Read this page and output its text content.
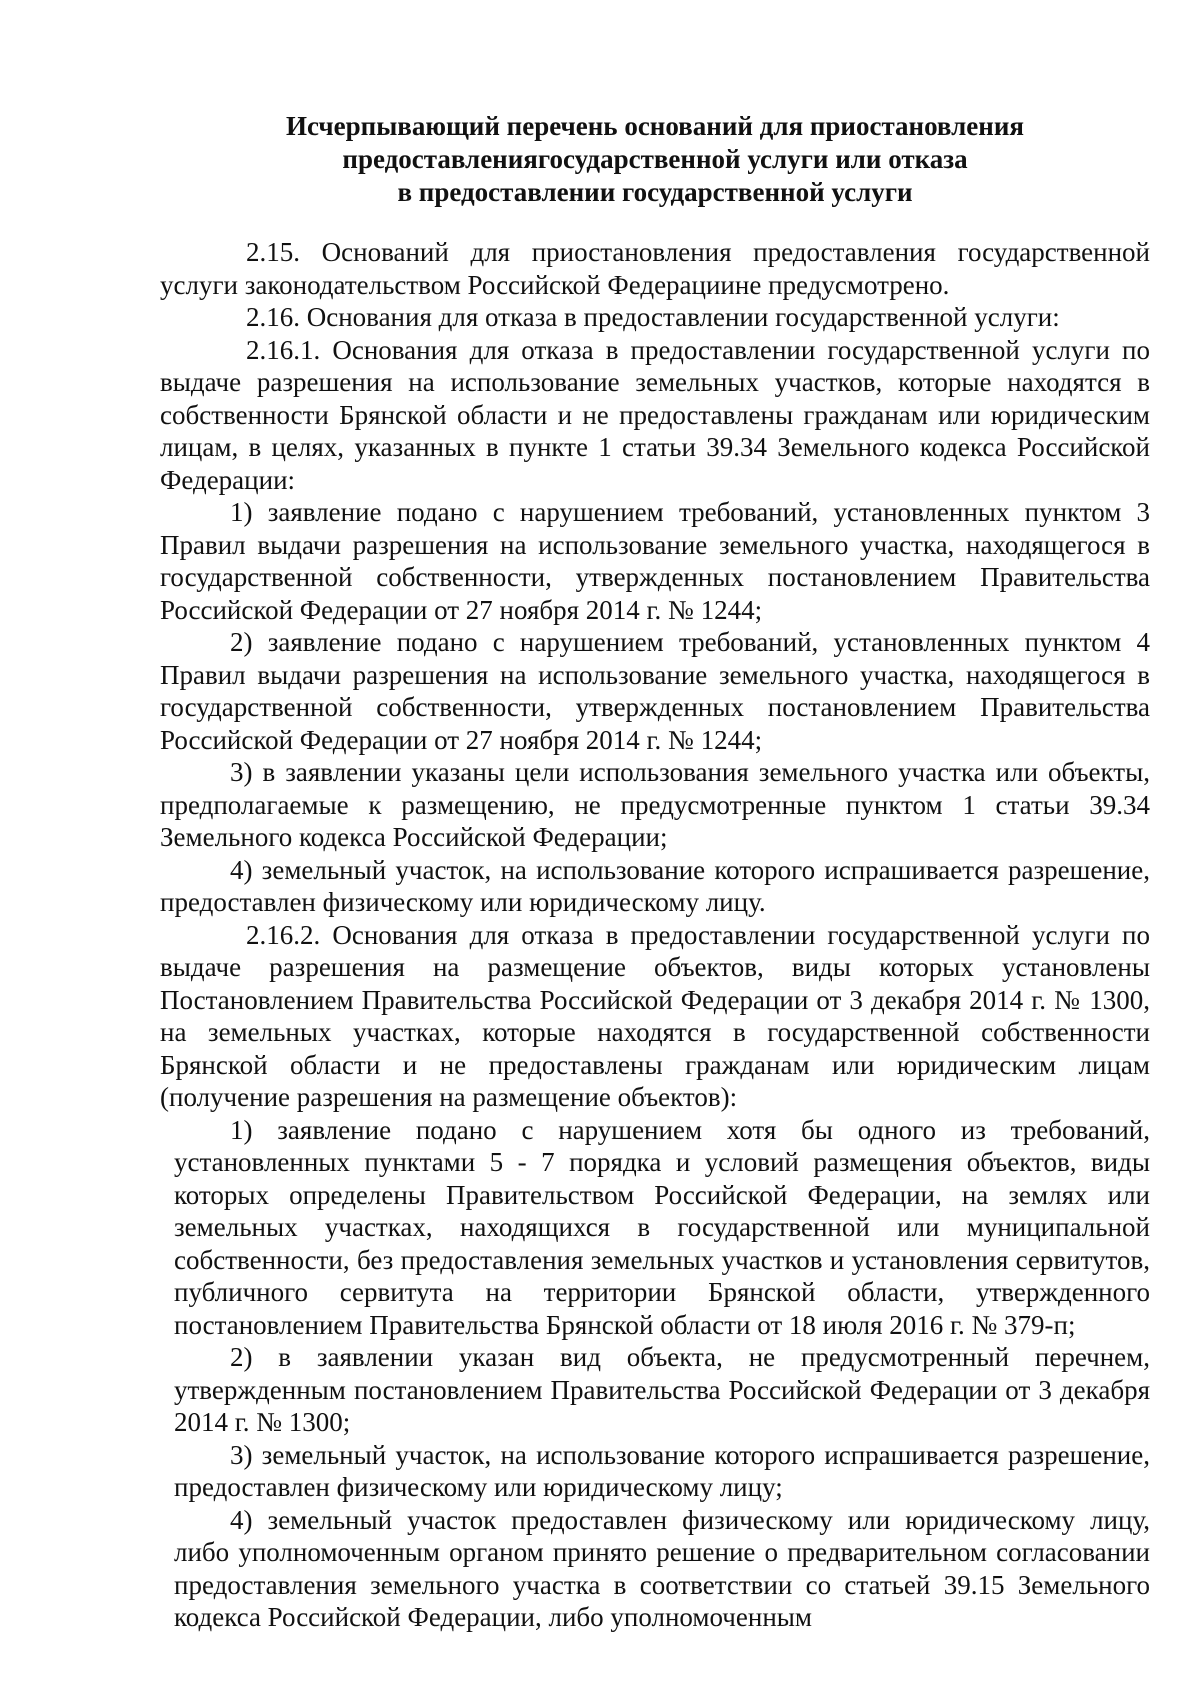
Исчерпывающий перечень оснований для приостановления
предоставлениягосударственной услуги или отказа
в предоставлении государственной услуги

2.15. Оснований для приостановления предоставления государственной услуги законодательством Российской Федерациине предусмотрено.

2.16. Основания для отказа в предоставлении государственной услуги:

2.16.1. Основания для отказа в предоставлении государственной услуги по выдаче разрешения на использование земельных участков, которые находятся в собственности Брянской области и не предоставлены гражданам или юридическим лицам, в целях, указанных в пункте 1 статьи 39.34 Земельного кодекса Российской Федерации:

1) заявление подано с нарушением требований, установленных пунктом 3 Правил выдачи разрешения на использование земельного участка, находящегося в государственной собственности, утвержденных постановлением Правительства Российской Федерации от 27 ноября 2014 г. № 1244;

2) заявление подано с нарушением требований, установленных пунктом 4 Правил выдачи разрешения на использование земельного участка, находящегося в государственной собственности, утвержденных постановлением Правительства Российской Федерации от 27 ноября 2014 г. № 1244;

3) в заявлении указаны цели использования земельного участка или объекты, предполагаемые к размещению, не предусмотренные пунктом 1 статьи 39.34 Земельного кодекса Российской Федерации;

4) земельный участок, на использование которого испрашивается разрешение, предоставлен физическому или юридическому лицу.

2.16.2. Основания для отказа в предоставлении государственной услуги по выдаче разрешения на размещение объектов, виды которых установлены Постановлением Правительства Российской Федерации от 3 декабря 2014 г. № 1300, на земельных участках, которые находятся в государственной собственности Брянской области и не предоставлены гражданам или юридическим лицам (получение разрешения на размещение объектов):

1) заявление подано с нарушением хотя бы одного из требований, установленных пунктами 5 - 7 порядка и условий размещения объектов, виды которых определены Правительством Российской Федерации, на землях или земельных участках, находящихся в государственной или муниципальной собственности, без предоставления земельных участков и установления сервитутов, публичного сервитута на территории Брянской области, утвержденного постановлением Правительства Брянской области от 18 июля 2016 г. № 379-п;

2) в заявлении указан вид объекта, не предусмотренный перечнем, утвержденным постановлением Правительства Российской Федерации от 3 декабря 2014 г. № 1300;

3) земельный участок, на использование которого испрашивается разрешение, предоставлен физическому или юридическому лицу;

4) земельный участок предоставлен физическому или юридическому лицу, либо уполномоченным органом принято решение о предварительном согласовании предоставления земельного участка в соответствии со статьей 39.15 Земельного кодекса Российской Федерации, либо уполномоченным
